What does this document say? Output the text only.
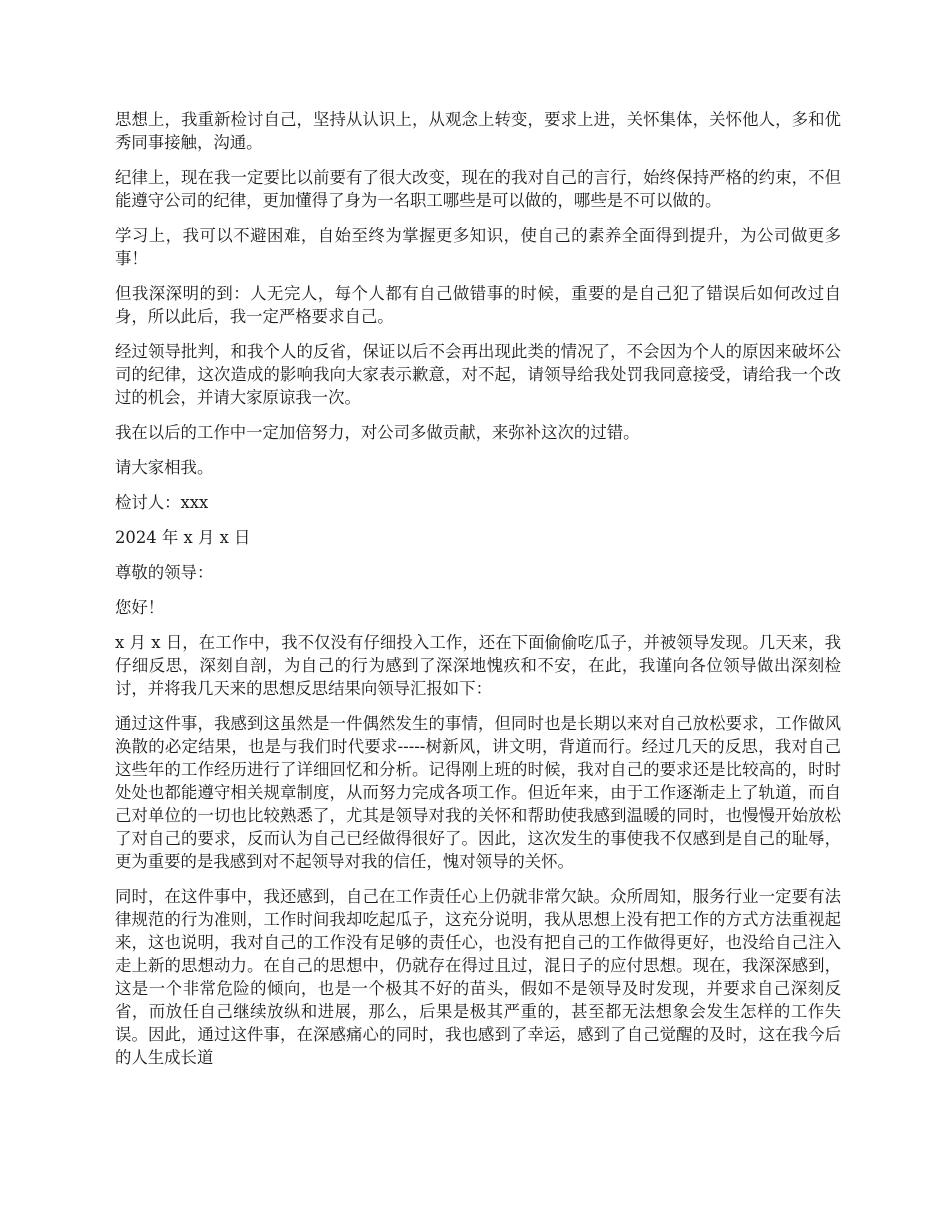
思想上，我重新检讨自己，坚持从认识上，从观念上转变，要求上进，关怀集体，关怀他人，多和优秀同事接触，沟通。

纪律上，现在我一定要比以前要有了很大改变，现在的我对自己的言行，始终保持严格的约束，不但能遵守公司的纪律，更加懂得了身为一名职工哪些是可以做的，哪些是不可以做的。

学习上，我可以不避困难，自始至终为掌握更多知识，使自己的素养全面得到提升，为公司做更多事！

但我深深明的到：人无完人，每个人都有自己做错事的时候，重要的是自己犯了错误后如何改过自身，所以此后，我一定严格要求自己。

经过领导批判，和我个人的反省，保证以后不会再出现此类的情况了，不会因为个人的原因来破坏公司的纪律，这次造成的影响我向大家表示歉意，对不起，请领导给我处罚我同意接受，请给我一个改过的机会，并请大家原谅我一次。

我在以后的工作中一定加倍努力，对公司多做贡献，来弥补这次的过错。

请大家相我。

检讨人：xxx

2024 年 x 月 x 日

尊敬的领导：

您好！

x 月 x 日，在工作中，我不仅没有仔细投入工作，还在下面偷偷吃瓜子，并被领导发现。几天来，我仔细反思，深刻自剖，为自己的行为感到了深深地愧疚和不安，在此，我谨向各位领导做出深刻检讨，并将我几天来的思想反思结果向领导汇报如下：

通过这件事，我感到这虽然是一件偶然发生的事情，但同时也是长期以来对自己放松要求，工作做风涣散的必定结果，也是与我们时代要求-----树新风，讲文明，背道而行。经过几天的反思，我对自己这些年的工作经历进行了详细回忆和分析。记得刚上班的时候，我对自己的要求还是比较高的，时时处处也都能遵守相关规章制度，从而努力完成各项工作。但近年来，由于工作逐渐走上了轨道，而自己对单位的一切也比较熟悉了，尤其是领导对我的关怀和帮助使我感到温暖的同时，也慢慢开始放松了对自己的要求，反而认为自己已经做得很好了。因此，这次发生的事使我不仅感到是自己的耻辱，更为重要的是我感到对不起领导对我的信任，愧对领导的关怀。

同时，在这件事中，我还感到，自己在工作责任心上仍就非常欠缺。众所周知，服务行业一定要有法律规范的行为准则，工作时间我却吃起瓜子，这充分说明，我从思想上没有把工作的方式方法重视起来，这也说明，我对自己的工作没有足够的责任心，也没有把自己的工作做得更好，也没给自己注入走上新的思想动力。在自己的思想中，仍就存在得过且过，混日子的应付思想。现在，我深深感到，这是一个非常危险的倾向，也是一个极其不好的苗头，假如不是领导及时发现，并要求自己深刻反省，而放任自己继续放纵和进展，那么，后果是极其严重的，甚至都无法想象会发生怎样的工作失误。因此，通过这件事，在深感痛心的同时，我也感到了幸运，感到了自己觉醒的及时，这在我今后的人生成长道
